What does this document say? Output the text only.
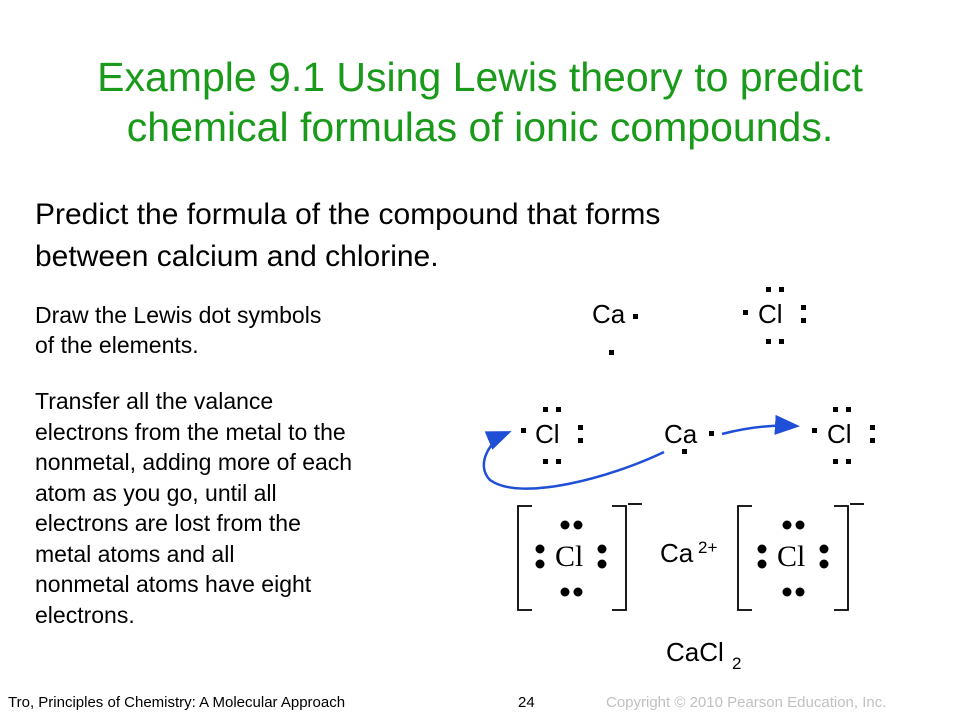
Example 9.1 Using Lewis theory to predict
chemical formulas of ionic compounds.
Predict the formula of the compound that forms
between calcium and chlorine.
Draw the Lewis dot symbols
of the elements.
Transfer all the valance
electrons from the metal to the
nonmetal, adding more of each
atom as you go, until all
electrons are lost from the
metal atoms and all
nonmetal atoms have eight
electrons.
Ca	Cl
Cl	Ca	Cl
Cl	Ca 2+ Cl
CaCl 2
Tro, Principles of Chemistry: A Molecular Approach	24	Copyright © 2010 Pearson Education, Inc.
